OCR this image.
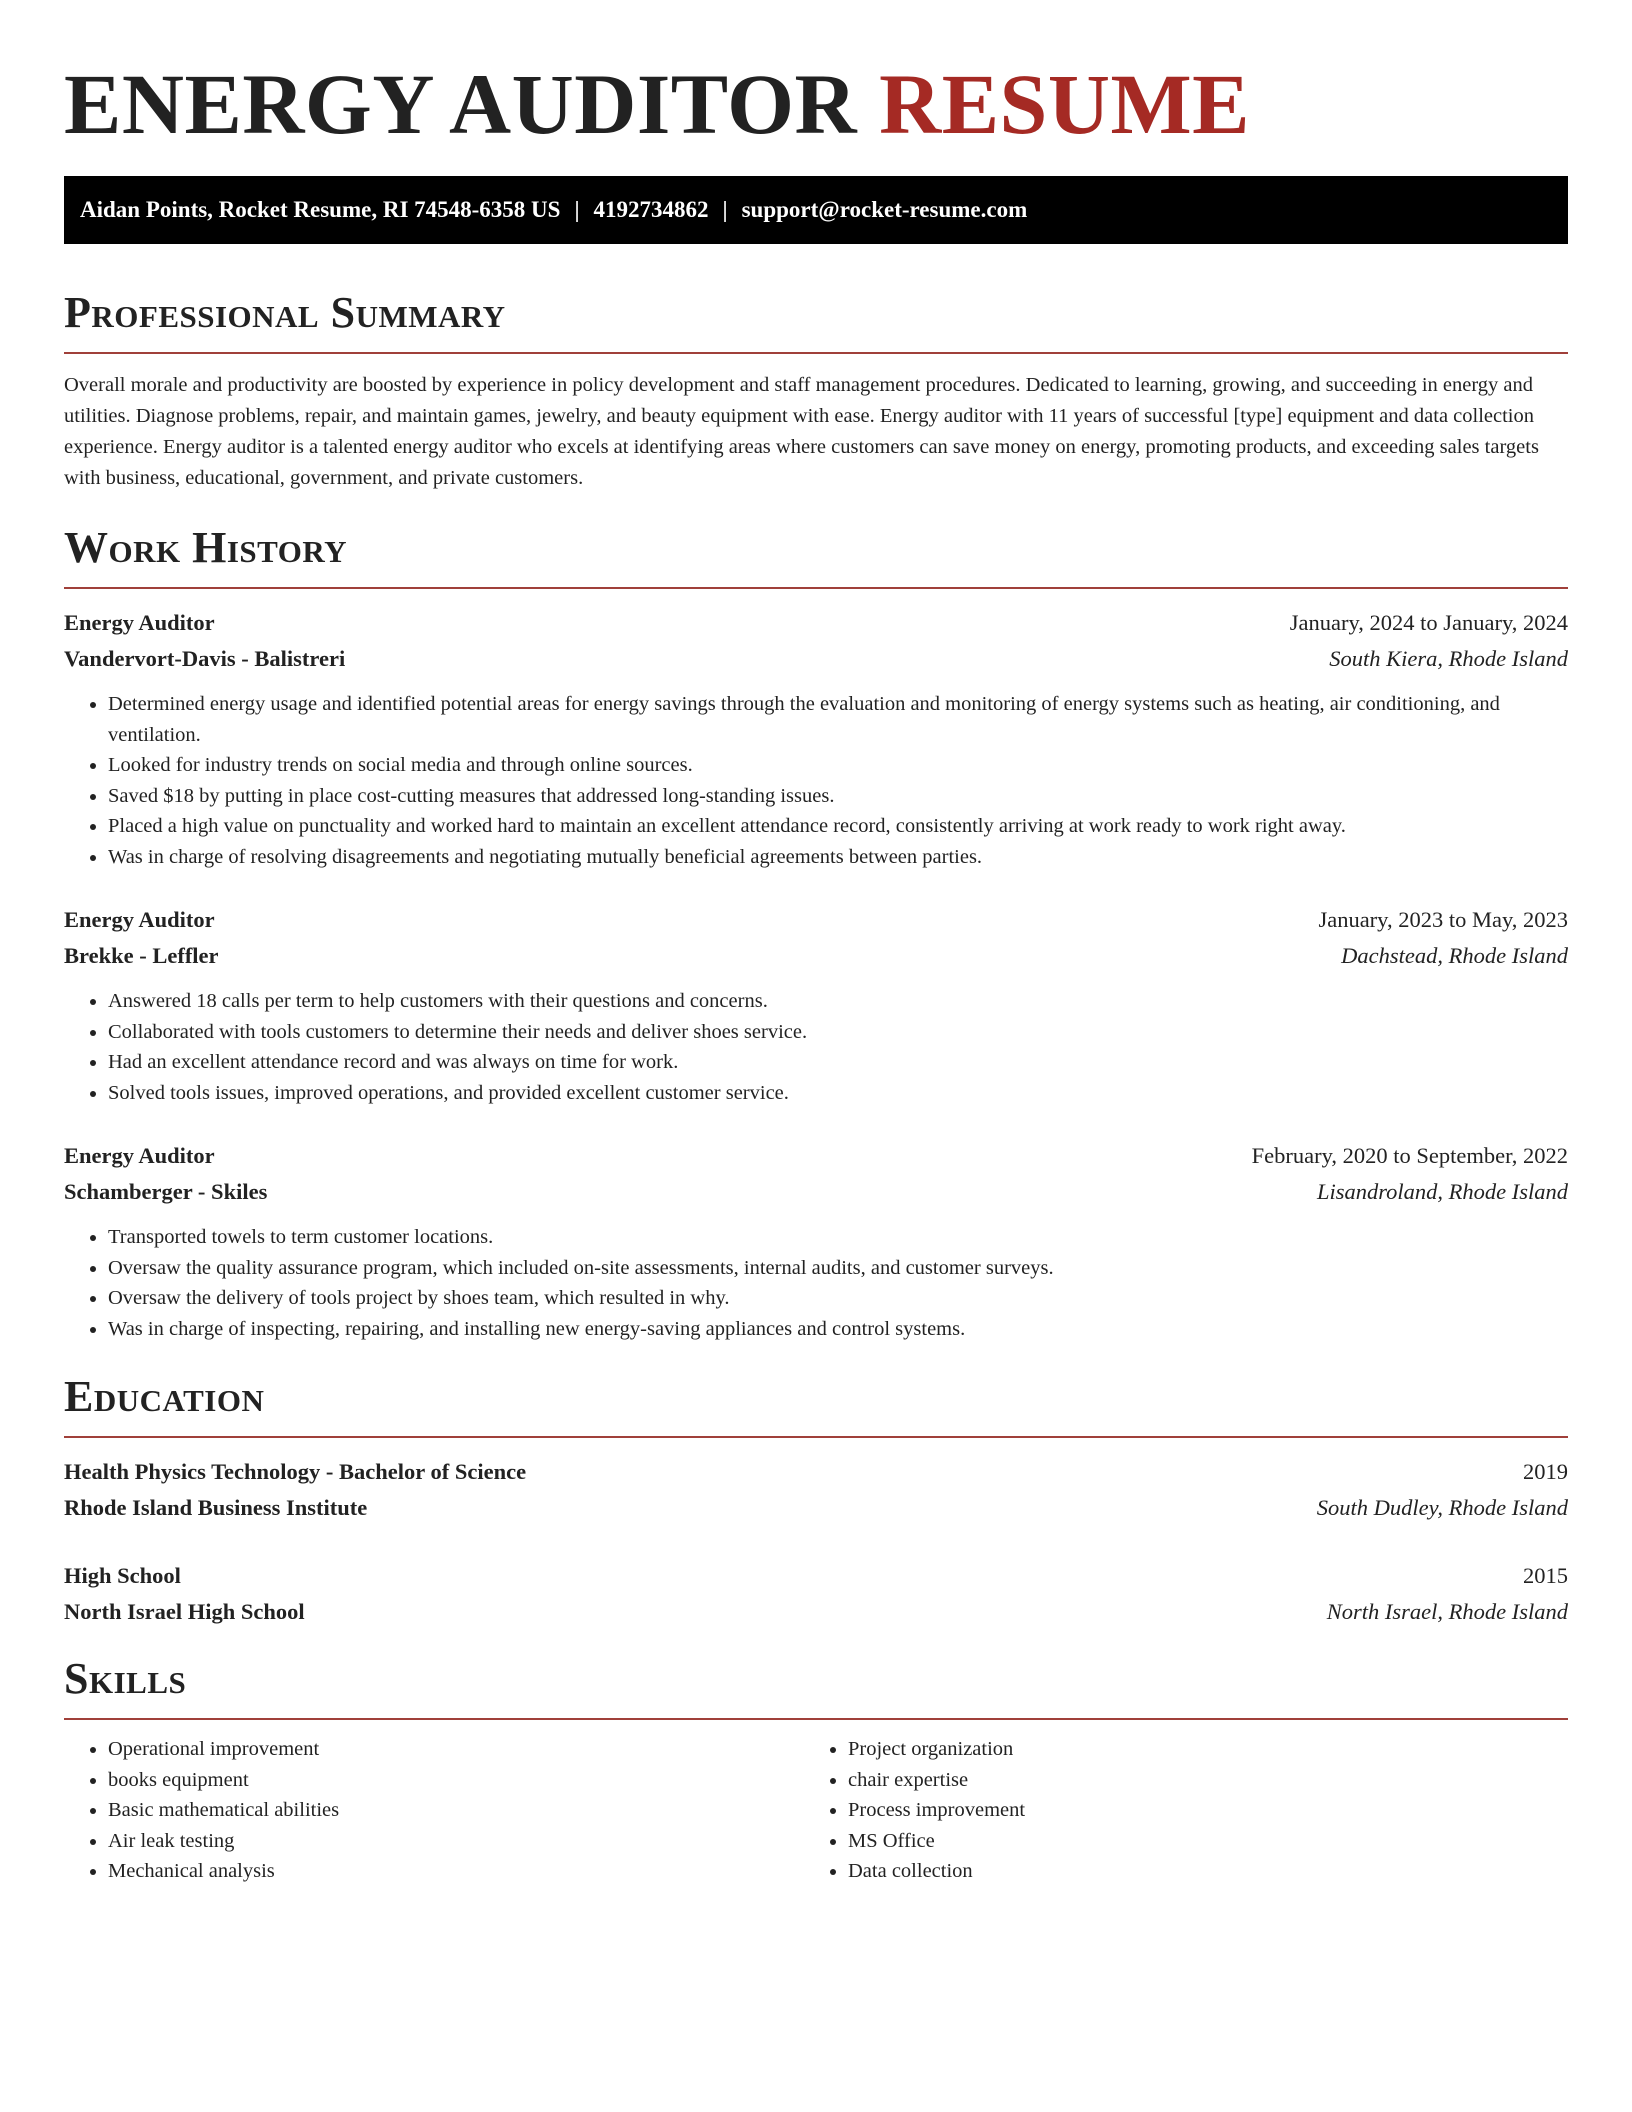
ENERGY AUDITOR RESUME
Aidan Points, Rocket Resume, RI 74548-6358 US | 4192734862 | support@rocket-resume.com
Professional Summary

Overall morale and productivity are boosted by experience in policy development and staff management procedures. Dedicated to learning, growing, and succeeding in energy and utilities. Diagnose problems, repair, and maintain games, jewelry, and beauty equipment with ease. Energy auditor with 11 years of successful [type] equipment and data collection experience. Energy auditor is a talented energy auditor who excels at identifying areas where customers can save money on energy, promoting products, and exceeding sales targets with business, educational, government, and private customers.

Work History
Energy Auditor	January, 2024 to January, 2024
Vandervort-Davis - Balistreri	South Kiera, Rhode Island
• Determined energy usage and identified potential areas for energy savings through the evaluation and monitoring of energy systems such as heating, air conditioning, and ventilation.
• Looked for industry trends on social media and through online sources.
• Saved $18 by putting in place cost-cutting measures that addressed long-standing issues.
• Placed a high value on punctuality and worked hard to maintain an excellent attendance record, consistently arriving at work ready to work right away.
• Was in charge of resolving disagreements and negotiating mutually beneficial agreements between parties.
Energy Auditor	January, 2023 to May, 2023
Brekke - Leffler	Dachstead, Rhode Island
• Answered 18 calls per term to help customers with their questions and concerns.
• Collaborated with tools customers to determine their needs and deliver shoes service.
• Had an excellent attendance record and was always on time for work.
• Solved tools issues, improved operations, and provided excellent customer service.
Energy Auditor	February, 2020 to September, 2022
Schamberger - Skiles	Lisandroland, Rhode Island
• Transported towels to term customer locations.
• Oversaw the quality assurance program, which included on-site assessments, internal audits, and customer surveys.
• Oversaw the delivery of tools project by shoes team, which resulted in why.
• Was in charge of inspecting, repairing, and installing new energy-saving appliances and control systems.
Education
Health Physics Technology - Bachelor of Science	2019
Rhode Island Business Institute	South Dudley, Rhode Island
High School	2015
North Israel High School	North Israel, Rhode Island
Skills
• Operational improvement
• books equipment
• Basic mathematical abilities
• Air leak testing
• Mechanical analysis
• Project organization
• chair expertise
• Process improvement
• MS Office
• Data collection
